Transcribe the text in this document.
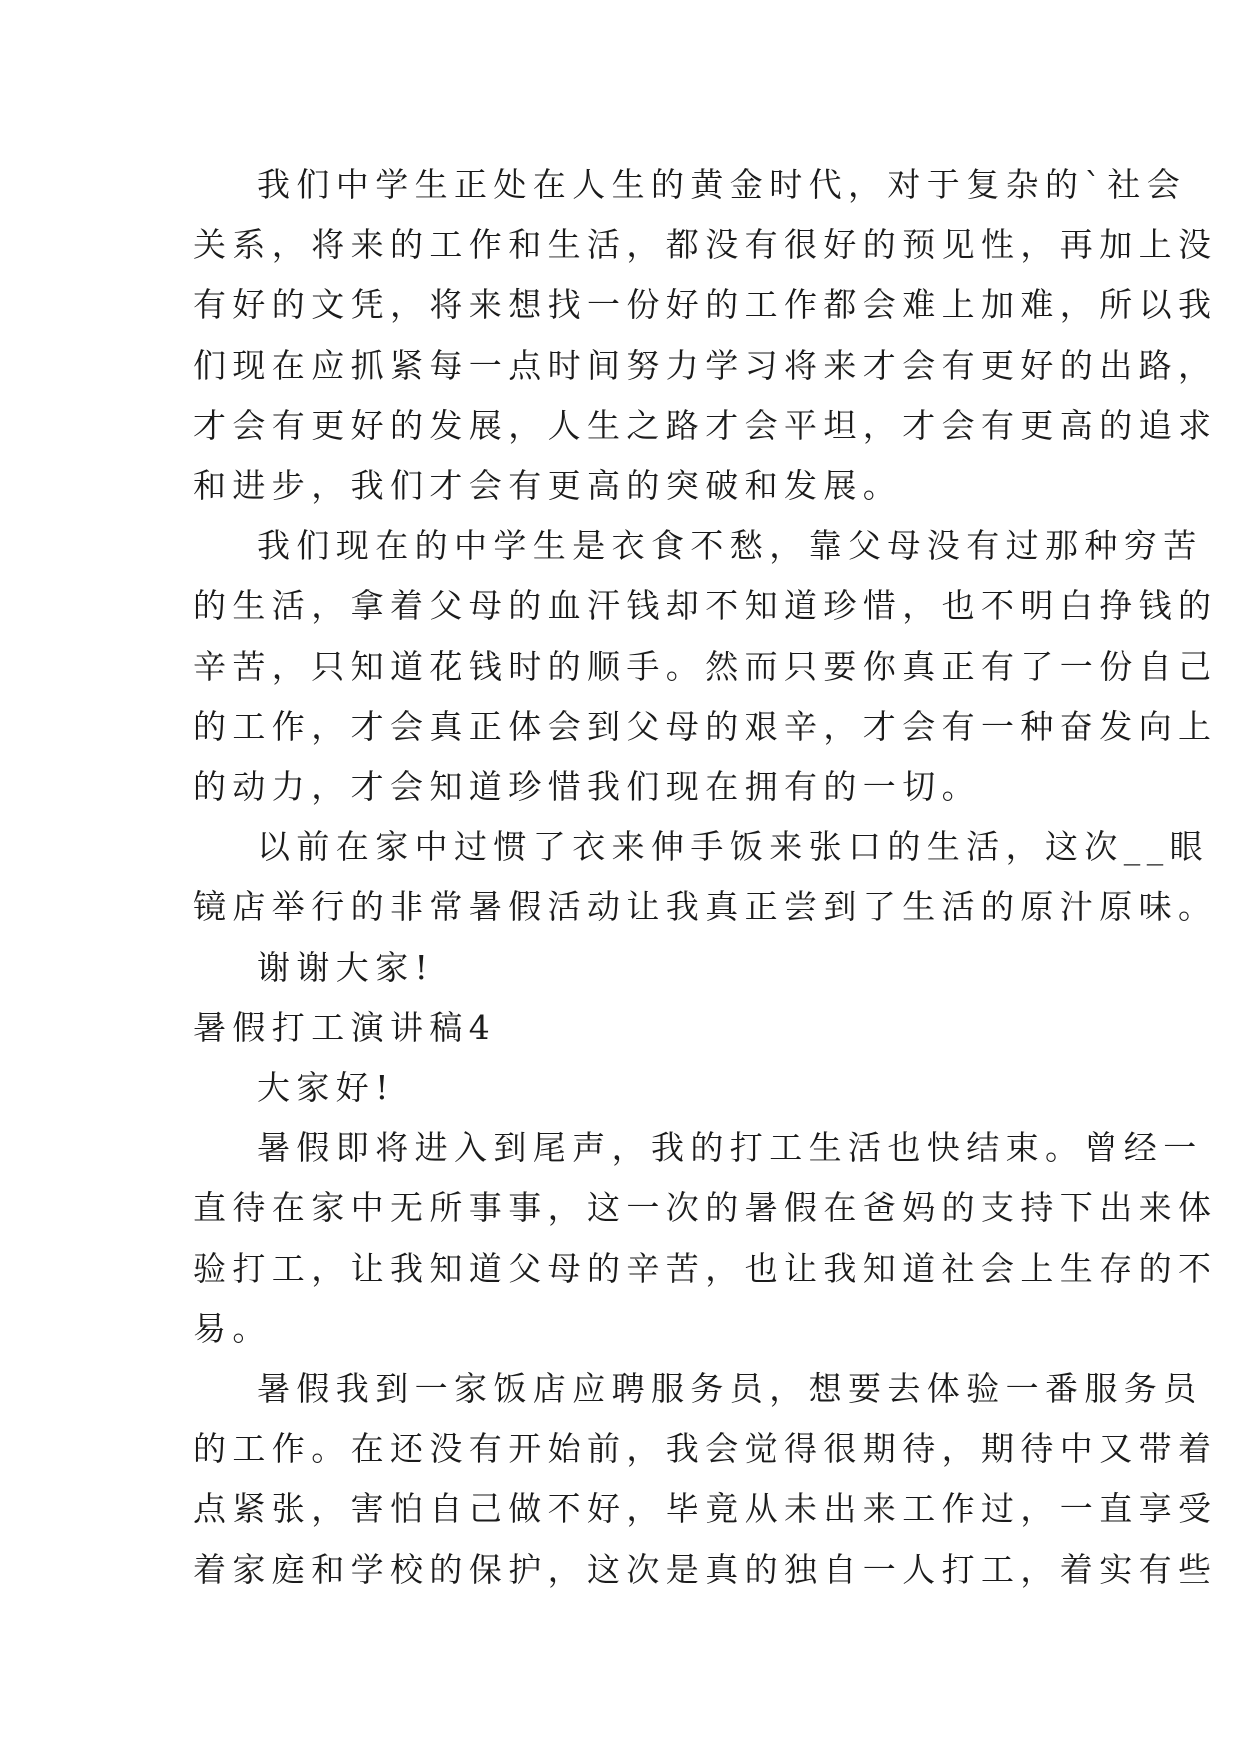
我们中学生正处在人生的黄金时代，对于复杂的`社会
关系，将来的工作和生活，都没有很好的预见性，再加上没
有好的文凭，将来想找一份好的工作都会难上加难，所以我
们现在应抓紧每一点时间努力学习将来才会有更好的出路，
才会有更好的发展，人生之路才会平坦，才会有更高的追求
和进步，我们才会有更高的突破和发展。
我们现在的中学生是衣食不愁，靠父母没有过那种穷苦
的生活，拿着父母的血汗钱却不知道珍惜，也不明白挣钱的
辛苦，只知道花钱时的顺手。然而只要你真正有了一份自己
的工作，才会真正体会到父母的艰辛，才会有一种奋发向上
的动力，才会知道珍惜我们现在拥有的一切。
以前在家中过惯了衣来伸手饭来张口的生活，这次__眼
镜店举行的非常暑假活动让我真正尝到了生活的原汁原味。
谢谢大家!
暑假打工演讲稿4
大家好!
暑假即将进入到尾声，我的打工生活也快结束。曾经一
直待在家中无所事事，这一次的暑假在爸妈的支持下出来体
验打工，让我知道父母的辛苦，也让我知道社会上生存的不
易。
暑假我到一家饭店应聘服务员，想要去体验一番服务员
的工作。在还没有开始前，我会觉得很期待，期待中又带着
点紧张，害怕自己做不好，毕竟从未出来工作过，一直享受
着家庭和学校的保护，这次是真的独自一人打工，着实有些
